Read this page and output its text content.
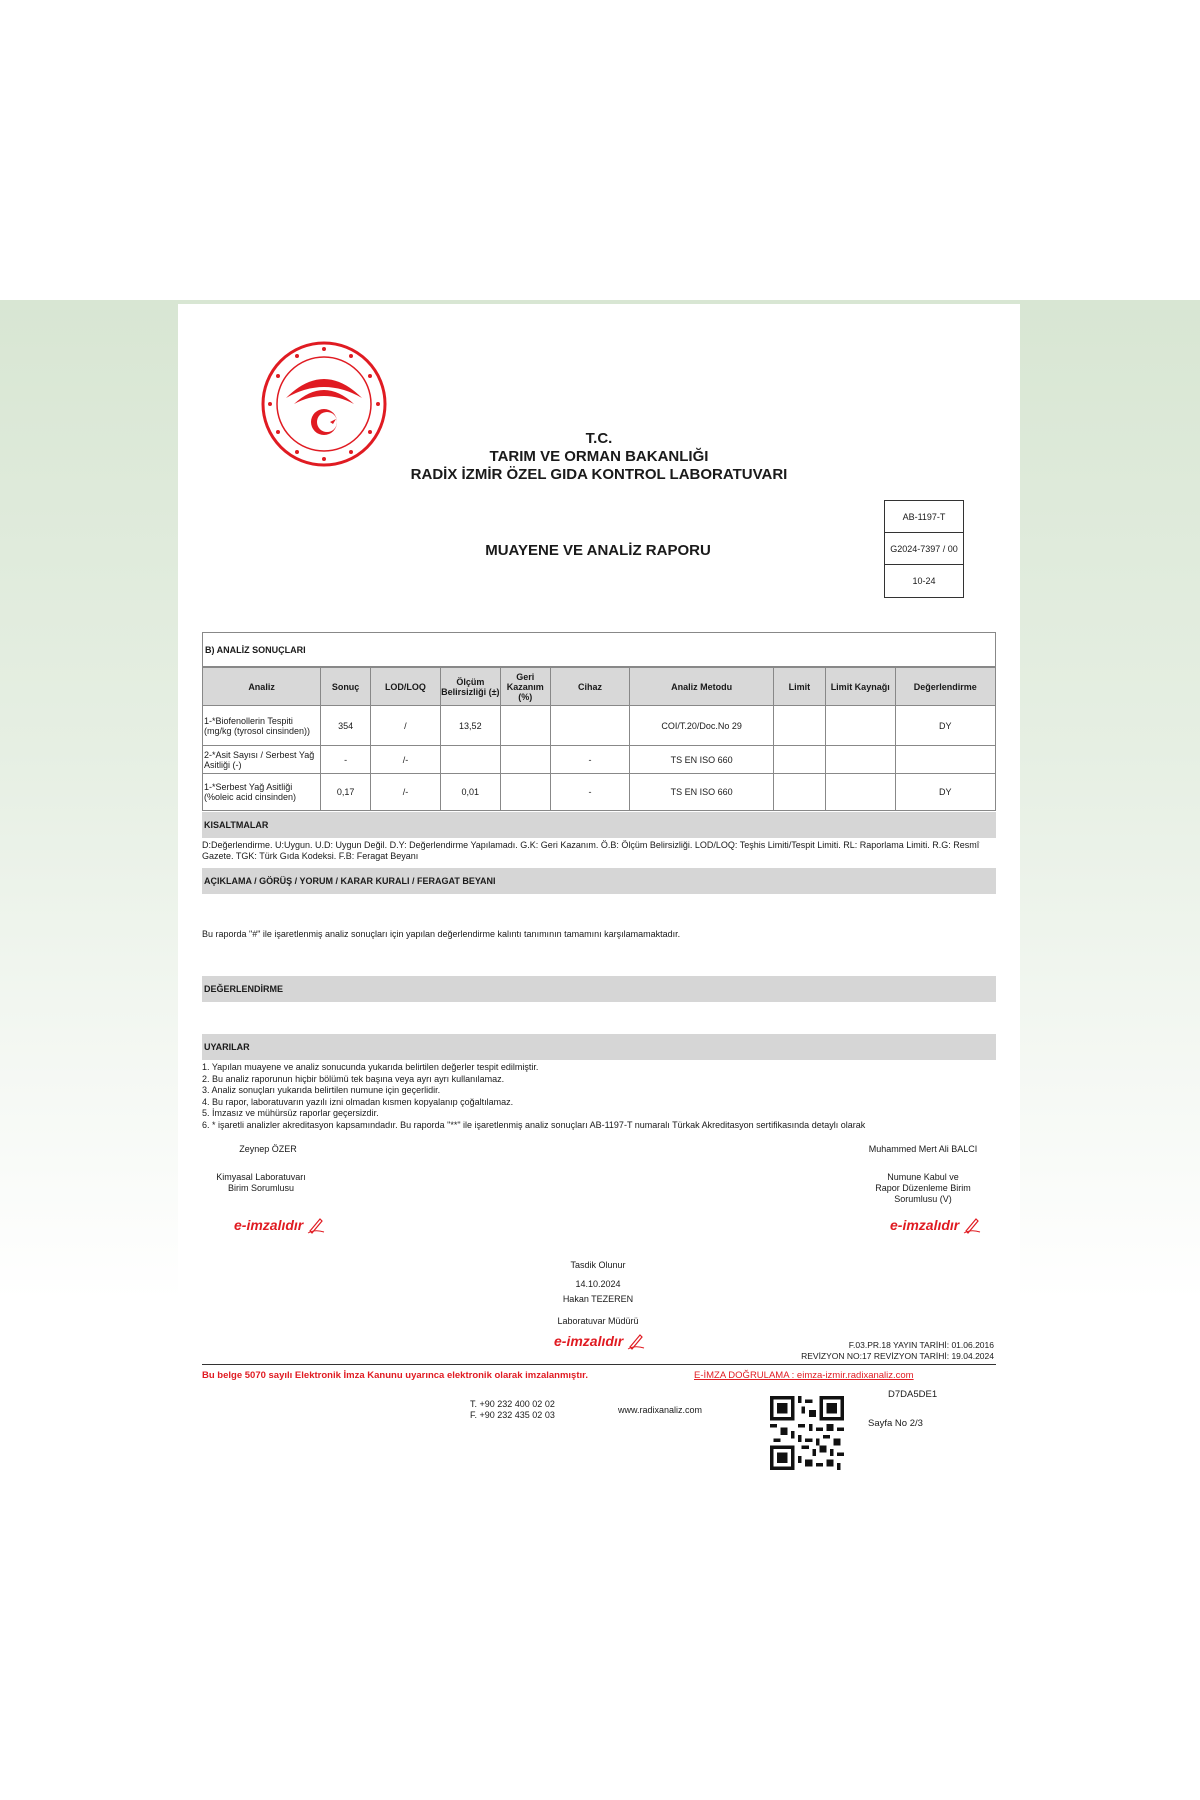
T.C.
TARIM VE ORMAN BAKANLIĞI
RADİX İZMİR ÖZEL GIDA KONTROL LABORATUVARI
MUAYENE VE ANALİZ RAPORU
AB-1197-T
G2024-7397 / 00
10-24
B) ANALİZ SONUÇLARI
Analiz	Sonuç	LOD/LOQ	Ölçüm Belirsizliği (±)	Geri Kazanım (%)	Cihaz	Analiz Metodu	Limit	Limit Kaynağı	Değerlendirme
1-*Biofenollerin Tespiti (mg/kg (tyrosol cinsinden))	354	/	13,52			COI/T.20/Doc.No 29			DY
2-*Asit Sayısı / Serbest Yağ Asitliği (-)	-	/-			-	TS EN ISO 660			
1-*Serbest Yağ Asitliği (%oleic acid cinsinden)	0,17	/-	0,01		-	TS EN ISO 660			DY
KISALTMALAR
D:Değerlendirme. U:Uygun. U.D: Uygun Değil. D.Y: Değerlendirme Yapılamadı. G.K: Geri Kazanım. Ö.B: Ölçüm Belirsizliği. LOD/LOQ: Teşhis Limiti/Tespit Limiti. RL: Raporlama Limiti. R.G: Resmî Gazete. TGK: Türk Gıda Kodeksi. F.B: Feragat Beyanı
AÇIKLAMA / GÖRÜŞ / YORUM / KARAR KURALI / FERAGAT BEYANI
Bu raporda "#" ile işaretlenmiş analiz sonuçları için yapılan değerlendirme kalıntı tanımının tamamını karşılamamaktadır.
DEĞERLENDİRME
UYARILAR
1. Yapılan muayene ve analiz sonucunda yukarıda belirtilen değerler tespit edilmiştir.
2. Bu analiz raporunun hiçbir bölümü tek başına veya ayrı ayrı kullanılamaz.
3. Analiz sonuçları yukarıda belirtilen numune için geçerlidir.
4. Bu rapor, laboratuvarın yazılı izni olmadan kısmen kopyalanıp çoğaltılamaz.
5. İmzasız ve mühürsüz raporlar geçersizdir.
6. * işaretli analizler akreditasyon kapsamındadır. Bu raporda "**" ile işaretlenmiş analiz sonuçları AB-1197-T numaralı Türkak Akreditasyon sertifikasında detaylı olarak
Zeynep ÖZER
Kimyasal Laboratuvarı
Birim Sorumlusu
Muhammed Mert Ali BALCI
Numune Kabul ve
Rapor Düzenleme Birim
Sorumlusu (V)
e-imzalıdır	e-imzalıdır
Tasdik Olunur
14.10.2024
Hakan TEZEREN
Laboratuvar Müdürü
e-imzalıdır	F.03.PR.18 YAYIN TARİHİ: 01.06.2016
REVİZYON NO:17 REVİZYON TARİHİ: 19.04.2024
Bu belge 5070 sayılı Elektronik İmza Kanunu uyarınca elektronik olarak imzalanmıştır.	E-İMZA DOĞRULAMA : eimza-izmir.radixanaliz.com
D7DA5DE1
T. +90 232 400 02 02
F. +90 232 435 02 03	www.radixanaliz.com
Sayfa No 2/3
